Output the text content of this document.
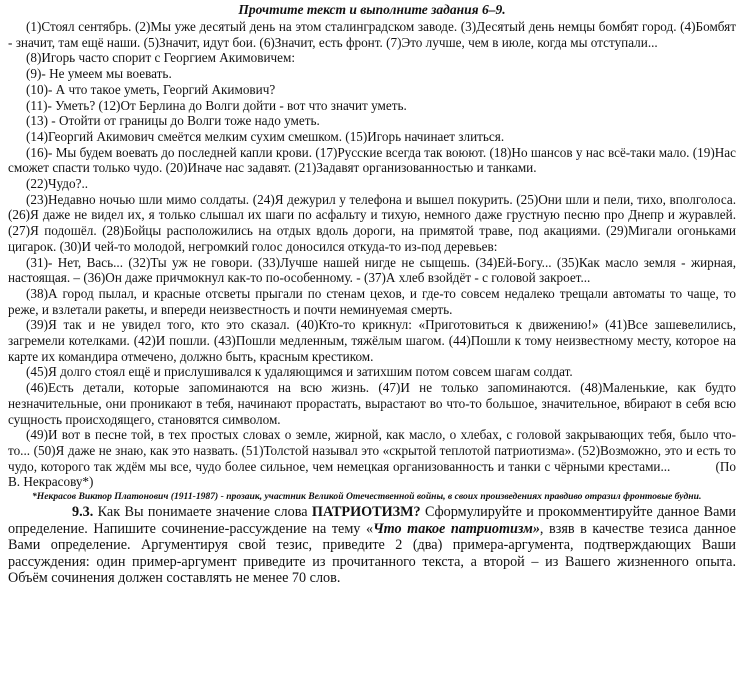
Прочтите текст и выполните задания 6–9.

(1)Стоял сентябрь. (2)Мы уже десятый день на этом сталинградском заводе. (3)Десятый день немцы бомбят город. (4)Бомбят - значит, там ещё наши. (5)Значит, идут бои. (6)Значит, есть фронт. (7)Это лучше, чем в июле, когда мы отступали...

(8)Игорь часто спорит с Георгием Акимовичем:

(9)- Не умеем мы воевать.

(10)- А что такое уметь, Георгий Акимович?

(11)- Уметь? (12)От Берлина до Волги дойти - вот что значит уметь.

(13) - Отойти от границы до Волги тоже надо уметь.

(14)Георгий Акимович смеётся мелким сухим смешком. (15)Игорь начинает злиться.

(16)- Мы будем воевать до последней капли крови. (17)Русские всегда так воюют. (18)Но шансов у нас всё-таки мало. (19)Нас сможет спасти только чудо. (20)Иначе нас задавят. (21)Задавят организованностью и танками.

(22)Чудо?..

(23)Недавно ночью шли мимо солдаты. (24)Я дежурил у телефона и вышел покурить. (25)Они шли и пели, тихо, вполголоса. (26)Я даже не видел их, я только слышал их шаги по асфальту и тихую, немного даже грустную песню про Днепр и журавлей. (27)Я подошёл. (28)Бойцы расположились на отдых вдоль дороги, на примятой траве, под акациями. (29)Мигали огоньками цигарок. (30)И чей-то молодой, негромкий голос доносился откуда-то из-под деревьев:

(31)- Нет, Вась... (32)Ты уж не говори. (33)Лучше нашей нигде не сыщешь. (34)Ей-Богу... (35)Как масло земля - жирная, настоящая. – (36)Он даже причмокнул как-то по-особенному. - (37)А хлеб взойдёт - с головой закроет...

(38)А город пылал, и красные отсветы прыгали по стенам цехов, и где-то совсем недалеко трещали автоматы то чаще, то реже, и взлетали ракеты, и впереди неизвестность и почти неминуемая смерть.

(39)Я так и не увидел того, кто это сказал. (40)Кто-то крикнул: «Приготовиться к движению!» (41)Все зашевелились, загремели котелками. (42)И пошли. (43)Пошли медленным, тяжёлым шагом. (44)Пошли к тому неизвестному месту, которое на карте их командира отмечено, должно быть, красным крестиком.

(45)Я долго стоял ещё и прислушивался к удаляющимся и затихшим потом совсем шагам солдат.

(46)Есть детали, которые запоминаются на всю жизнь. (47)И не только запоминаются. (48)Маленькие, как будто незначительные, они проникают в тебя, начинают прорастать, вырастают во что-то большое, значительное, вбирают в себя всю сущность происходящего, становятся символом.

(49)И вот в песне той, в тех простых словах о земле, жирной, как масло, о хлебах, с головой закрывающих тебя, было что-то... (50)Я даже не знаю, как это назвать. (51)Толстой называл это «скрытой теплотой патриотизма». (52)Возможно, это и есть то чудо, которого так ждём мы все, чудо более сильное, чем немецкая организованность и танки с чёрными крестами...	(По В. Некрасову*)

*Некрасов Виктор Платонович (1911-1987) - прозаик, участник Великой Отечественной войны, в своих произведениях правдиво отразил фронтовые будни.

9.3. Как Вы понимаете значение слова ПАТРИОТИЗМ? Сформулируйте и прокомментируйте данное Вами определение. Напишите сочинение-рассуждение на тему «Что такое патриотизм», взяв в качестве тезиса данное Вами определение. Аргументируя свой тезис, приведите 2 (два) примера-аргумента, подтверждающих Ваши рассуждения: один пример-аргумент приведите из прочитанного текста, а второй – из Вашего жизненного опыта. Объём сочинения должен составлять не менее 70 слов.
